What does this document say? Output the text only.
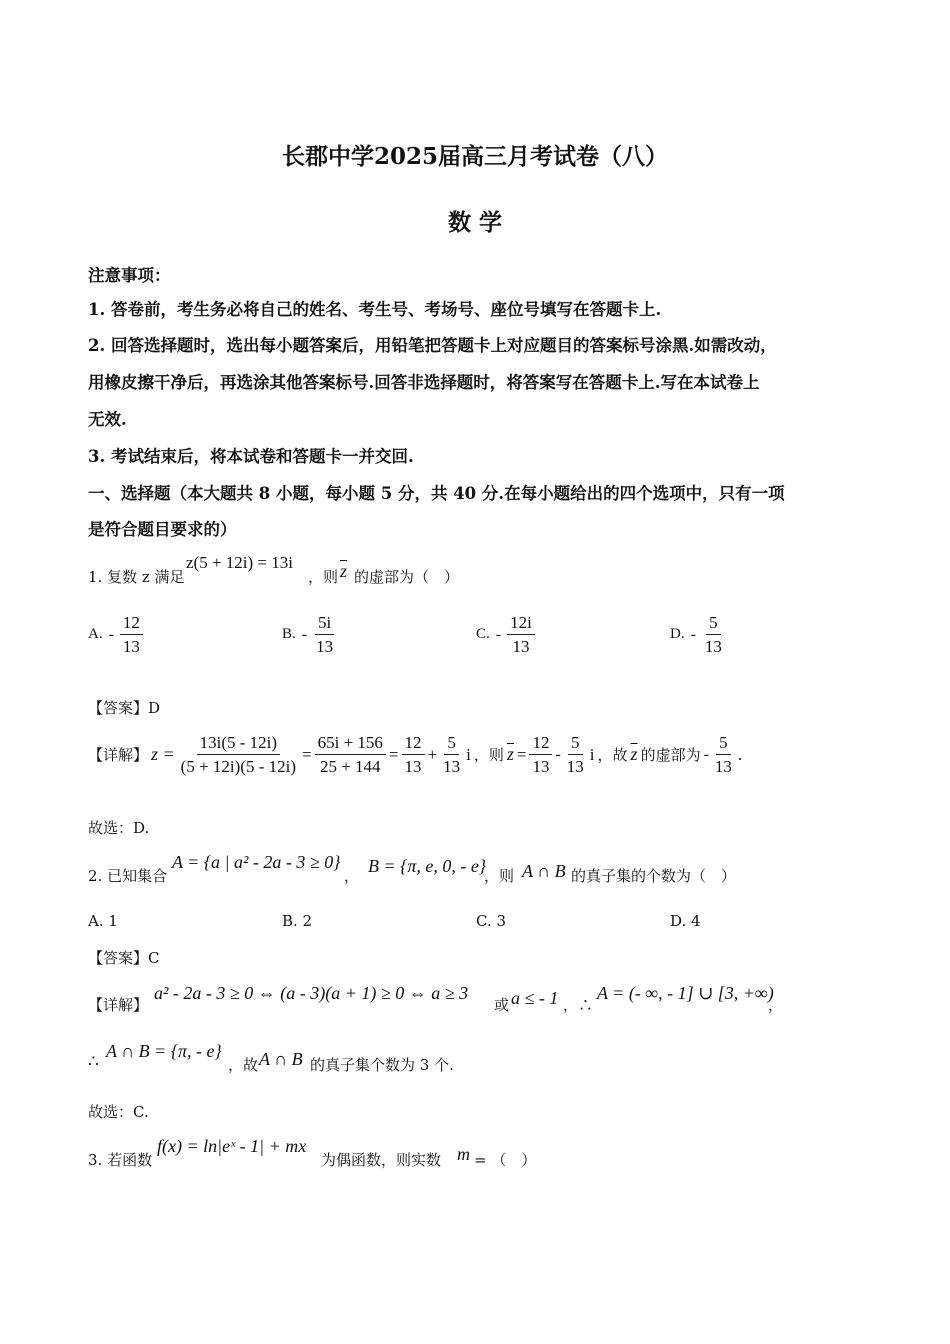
长郡中学2025届高三月考试卷（八）
数 学
注意事项：
1. 答卷前，考生务必将自己的姓名、考生号、考场号、座位号填写在答题卡上.
2. 回答选择题时，选出每小题答案后，用铅笔把答题卡上对应题目的答案标号涂黑.如需改动，
用橡皮擦干净后，再选涂其他答案标号.回答非选择题时，将答案写在答题卡上.写在本试卷上
无效.
3. 考试结束后，将本试卷和答题卡一并交回.
一、选择题（本大题共 8 小题，每小题 5 分，共 40 分.在每小题给出的四个选项中，只有一项
是符合题目要求的）
1. 复数 z 满足
z(5 + 12i) = 13i
，则 $\overline{z}$ 的虚部为（　）
A. - $\frac{12}{13}$	B. - $\frac{5i}{13}$	C. - $\frac{12i}{13}$	D. - $\frac{5}{13}$
【答案】D
【详解】 $z = \frac{13i(5 - 12i)}{(5 + 12i)(5 - 12i)} = \frac{65i + 156}{25 + 144} = \frac{12}{13} + \frac{5}{13}$ i ，则 $\overline{z} = \frac{12}{13} - \frac{5}{13}$ i ，故 $\overline{z}$ 的虚部为 - $\frac{5}{13}$ .
故选：D.
2. 已知集合
A = {a | a² - 2a - 3 ≥ 0}
， B = {π, e, 0, - e}
，则 A ∩ B 的真子集的个数为（　）
A. 1	B. 2	C. 3	D. 4
【答案】C
【详解】
a² - 2a - 3 ≥ 0 ⇔ (a - 3)(a + 1) ≥ 0 ⇔ a ≥ 3
或 a ≤ - 1 ，∴
A = (- ∞, - 1] ∪ [3, +∞)
，
∴
A ∩ B = {π, - e}
，故 A ∩ B 的真子集个数为 3 个.
故选：C.
3. 若函数
f(x) = ln|eˣ - 1| + mx
为偶函数，则实数 m = （　）
